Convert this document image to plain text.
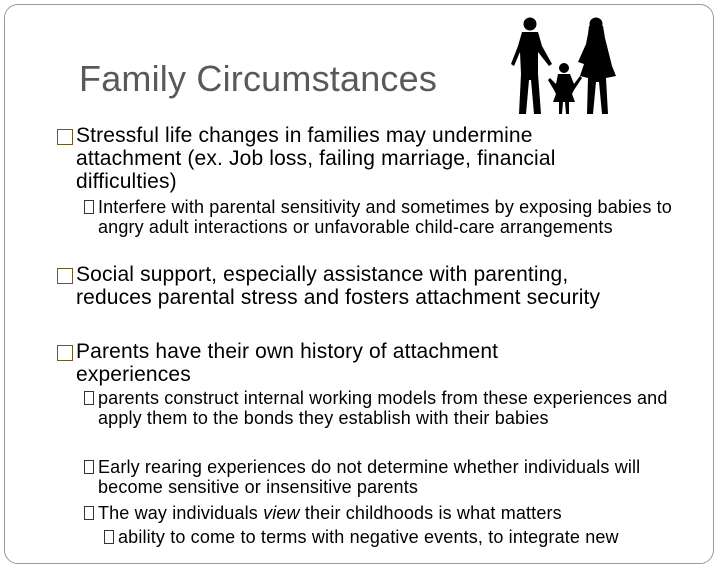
Family Circumstances
Stressful life changes in families may undermine attachment (ex. Job loss, failing marriage, financial difficulties)
Interfere with parental sensitivity and sometimes by exposing babies to angry adult interactions or unfavorable child-care arrangements
Social support, especially assistance with parenting, reduces parental stress and fosters attachment security
Parents have their own history of attachment experiences
parents construct internal working models from these experiences and apply them to the bonds they establish with their babies
Early rearing experiences do not determine whether individuals will become sensitive or insensitive parents
The way individuals view their childhoods is what matters
ability to come to terms with negative events, to integrate new
